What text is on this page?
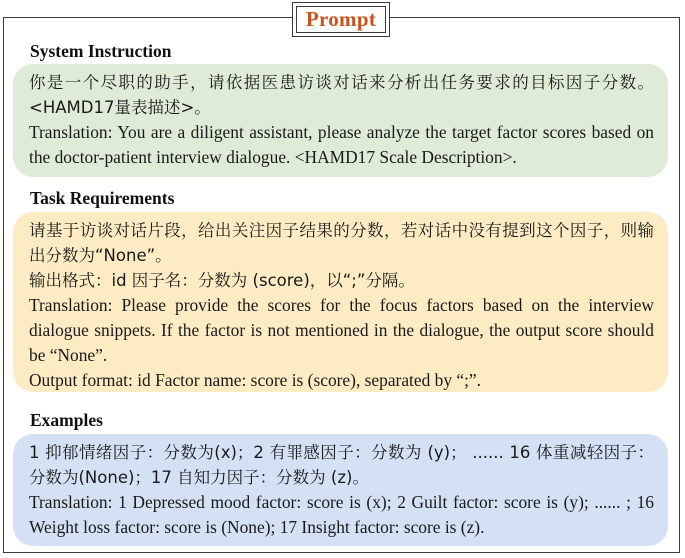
Prompt
System Instruction

你是一个尽职的助手，请依据医患访谈对话来分析出任务要求的目标因子分数。<HAMD17量表描述>。

Translation: You are a diligent assistant, please analyze the target factor scores based on the doctor-patient interview dialogue. <HAMD17 Scale Description>.

Task Requirements

请基于访谈对话片段，给出关注因子结果的分数，若对话中没有提到这个因子，则输出分数为“None”。

输出格式：id 因子名：分数为 (score)，以“;”分隔。

Translation: Please provide the scores for the focus factors based on the interview dialogue snippets. If the factor is not mentioned in the dialogue, the output score should be “None”.

Output format: id Factor name: score is (score), separated by “;”.

Examples

1 抑郁情绪因子：分数为(x)；2 有罪感因子：分数为 (y)； ...... 16 体重减轻因子：分数为(None)；17 自知力因子：分数为 (z)。

Translation: 1 Depressed mood factor: score is (x); 2 Guilt factor: score is (y); ...... ; 16 Weight loss factor: score is (None); 17 Insight factor: score is (z).
